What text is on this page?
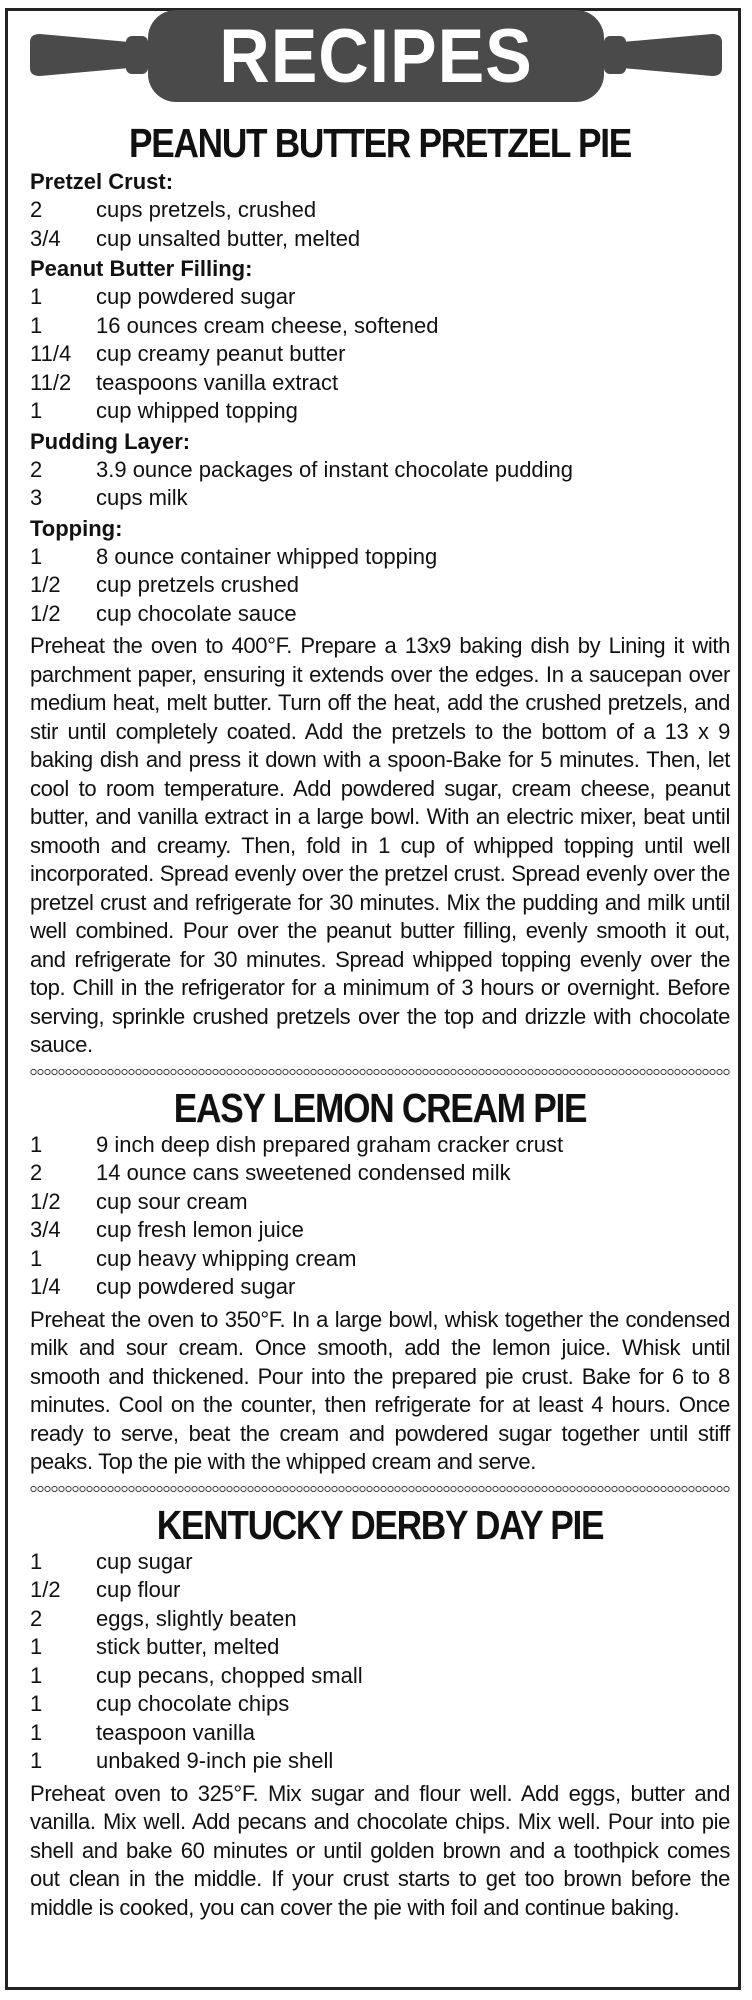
RECIPES
PEANUT BUTTER PRETZEL PIE
Pretzel Crust:
2	cups pretzels, crushed
3/4	cup unsalted butter, melted
Peanut Butter Filling:
1	cup powdered sugar
1	16 ounces cream cheese, softened
11/4	cup creamy peanut butter
11/2	teaspoons vanilla extract
1	cup whipped topping
Pudding Layer:
2	3.9 ounce packages of instant chocolate pudding
3	cups milk
Topping:
1	8 ounce container whipped topping
1/2	cup pretzels crushed
1/2	cup chocolate sauce

Preheat the oven to 400°F. Prepare a 13x9 baking dish by Lining it with parchment paper, ensuring it extends over the edges. In a saucepan over medium heat, melt butter. Turn off the heat, add the crushed pretzels, and stir until completely coated. Add the pretzels to the bottom of a 13 x 9 baking dish and press it down with a spoon-Bake for 5 minutes. Then, let cool to room temperature. Add powdered sugar, cream cheese, peanut butter, and vanilla extract in a large bowl. With an electric mixer, beat until smooth and creamy. Then, fold in 1 cup of whipped topping until well incorporated. Spread evenly over the pretzel crust. Spread evenly over the pretzel crust and refrigerate for 30 minutes. Mix the pudding and milk until well combined. Pour over the peanut butter filling, evenly smooth it out, and refrigerate for 30 minutes. Spread whipped topping evenly over the top. Chill in the refrigerator for a minimum of 3 hours or overnight. Before serving, sprinkle crushed pretzels over the top and drizzle with chocolate sauce.

EASY LEMON CREAM PIE
1	9 inch deep dish prepared graham cracker crust
2	14 ounce cans sweetened condensed milk
1/2	cup sour cream
3/4	cup fresh lemon juice
1	cup heavy whipping cream
1/4	cup powdered sugar

Preheat the oven to 350°F. In a large bowl, whisk together the condensed milk and sour cream. Once smooth, add the lemon juice. Whisk until smooth and thickened. Pour into the prepared pie crust. Bake for 6 to 8 minutes. Cool on the counter, then refrigerate for at least 4 hours. Once ready to serve, beat the cream and powdered sugar together until stiff peaks. Top the pie with the whipped cream and serve.

KENTUCKY DERBY DAY PIE
1	cup sugar
1/2	cup flour
2	eggs, slightly beaten
1	stick butter, melted
1	cup pecans, chopped small
1	cup chocolate chips
1	teaspoon vanilla
1	unbaked 9-inch pie shell

Preheat oven to 325°F. Mix sugar and flour well. Add eggs, butter and vanilla. Mix well. Add pecans and chocolate chips. Mix well. Pour into pie shell and bake 60 minutes or until golden brown and a toothpick comes out clean in the middle. If your crust starts to get too brown before the middle is cooked, you can cover the pie with foil and continue baking.
